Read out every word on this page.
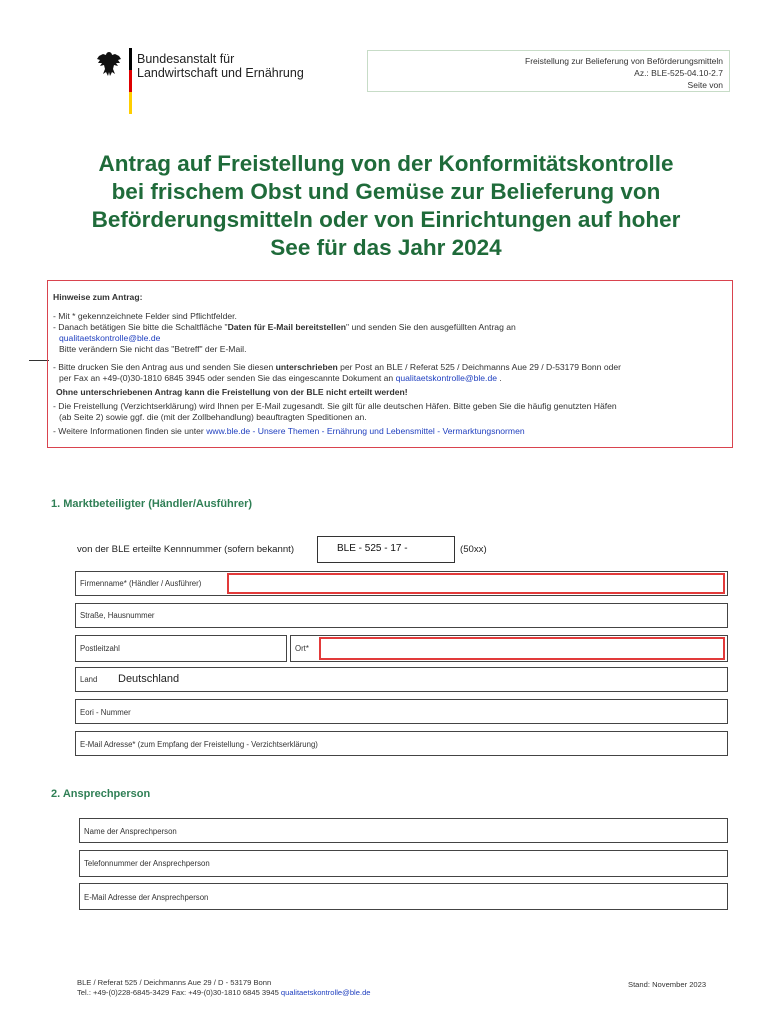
Bundesanstalt für
Landwirtschaft und Ernährung
Freistellung zur Belieferung von Beförderungsmitteln
Az.: BLE-525-04.10-2.7
Seite von
Antrag auf Freistellung von der Konformitätskontrolle
bei frischem Obst und Gemüse zur Belieferung von
Beförderungsmitteln oder von Einrichtungen auf hoher
See für das Jahr 2024

Hinweise zum Antrag:

- Mit * gekennzeichnete Felder sind Pflichtfelder.

- Danach betätigen Sie bitte die Schaltfläche "Daten für E-Mail bereitstellen" und senden Sie den ausgefüllten Antrag an

qualitaetskontrolle@ble.de

Bitte verändern Sie nicht das "Betreff" der E-Mail.

- Bitte drucken Sie den Antrag aus und senden Sie diesen unterschrieben per Post an BLE / Referat 525 / Deichmanns Aue 29 / D-53179 Bonn oder

per Fax an +49-(0)30-1810 6845 3945 oder senden Sie das eingescannte Dokument an qualitaetskontrolle@ble.de .

Ohne unterschriebenen Antrag kann die Freistellung von der BLE nicht erteilt werden!

- Die Freistellung (Verzichtserklärung) wird Ihnen per E-Mail zugesandt. Sie gilt für alle deutschen Häfen. Bitte geben Sie die häufig genutzten Häfen

(ab Seite 2) sowie ggf. die (mit der Zollbehandlung) beauftragten Speditionen an.

- Weitere Informationen finden sie unter www.ble.de - Unsere Themen - Ernährung und Lebensmittel - Vermarktungsnormen

1. Marktbeteiligter (Händler/Ausführer)
von der BLE erteilte Kennnummer (sofern bekannt)	BLE - 525 - 17 -	(50xx)
Firmenname* (Händler / Ausführer)
Straße, Hausnummer
Postleitzahl	Ort*
Land Deutschland
Eori - Nummer
E-Mail Adresse* (zum Empfang der Freistellung - Verzichtserklärung)
2. Ansprechperson
Name der Ansprechperson
Telefonnummer der Ansprechperson
E-Mail Adresse der Ansprechperson
BLE / Referat 525 / Deichmanns Aue 29 / D - 53179 Bonn
Tel.: +49-(0)228-6845-3429 Fax: +49-(0)30-1810 6845 3945 qualitaetskontrolle@ble.de
Stand: November 2023
